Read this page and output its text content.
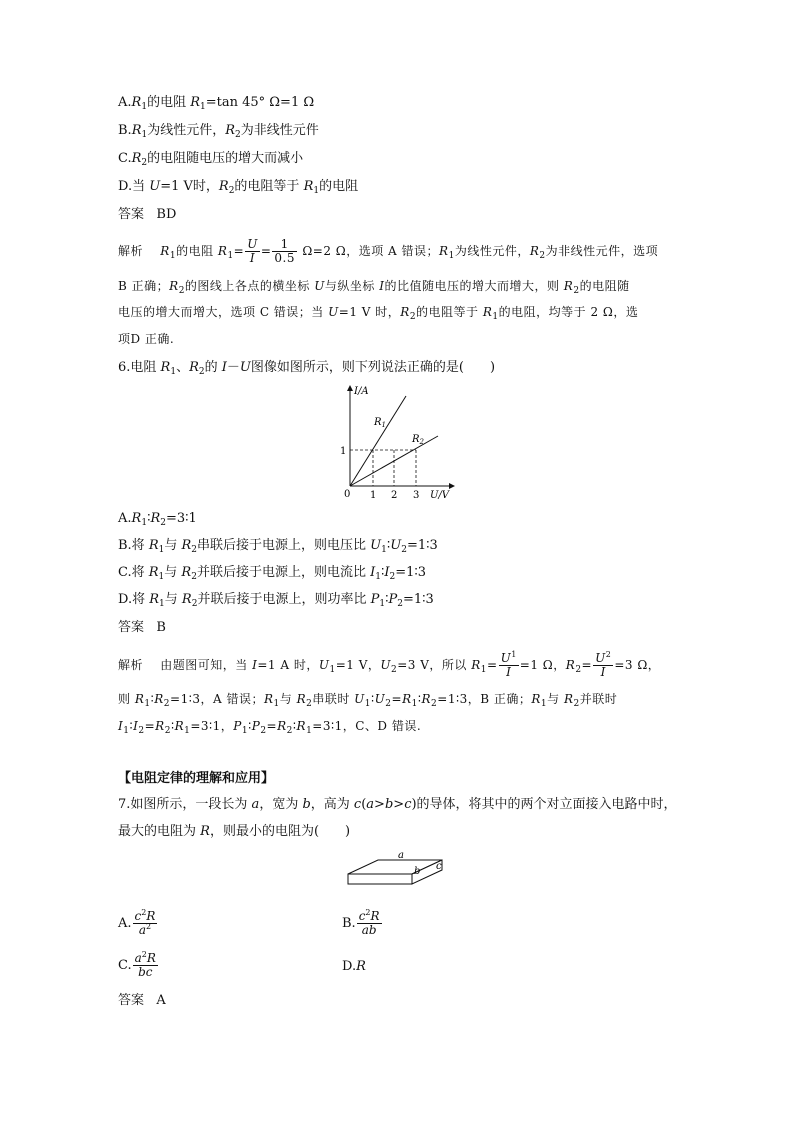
$A.R_1$的电阻 $R_1=\tan$ 45° Ω=1 Ω
$B.R_1$为线性元件，$R_2$为非线性元件
$C.R_2$的电阻随电压的增大而减小
D.当 U=1 V时，$R_2$的电阻等于 $R_1$的电阻
答案 BD
解析 $R_1$的电阻 $R_1= \frac{U}{I} = \frac{1}{0.5} \Omega=2$ Ω，选项 A 错误；$R_1$为线性元件，$R_2$为非线性元件，选项
B 正确；$R_2$的图线上各点的横坐标 U与纵坐标 I的比值随电压的增大而增大，则 $R_2$的电阻随
电压的增大而增大，选项 C 错误；当 U=1 V 时，$R_2$的电阻等于 $R_1$的电阻，均等于 2 Ω，选
项D 正确.
6.电阻 $R_1$、$R_2$的 I－U图像如图所示，则下列说法正确的是(　　)
I/A
U/V
0
1
1 2 3
$R_1$
$R_2$
$A.R_1∶R_2=3∶1$
B.将 $R_1$与 $R_2$串联后接于电源上，则电压比 $U_1∶U_2=1∶3$
C.将 $R_1$与 $R_2$并联后接于电源上，则电流比 $I_1∶I_2=1∶3$
D.将 $R_1$与 $R_2$并联后接于电源上，则功率比 $P_1∶P_2=1∶3$
答案 B
解析    由题图可知，当 I=1 A 时，$U_1=1$ V，$U_2=3$ V，所以 $R_1= \frac{U^1}{I} =1$ Ω，$R_2= \frac{U^2}{I} =3$ Ω，
则 $R_1∶R_2=1∶3$，A 错误；$R_1$与 $R_2$串联时 $U_1∶U_2=R_1∶R_2=1∶3$，B 正确；$R_1$与 $R_2$并联时
$I_1∶I_2=R_2∶R_1=3∶1$，$P_1∶P_2=R_2∶R_1=3∶1$，C、D 错误.
【电阻定律的理解和应用】
7.如图所示，一段长为 a，宽为 b，高为 c(a>b>c)的导体，将其中的两个对立面接入电路中时，
最大的电阻为 R，则最小的电阻为(　　)
a
b c
A. $\frac{c^2R}{a^2}$	B. $\frac{c^2R}{ab}$
C. $\frac{a^2R}{bc}$	D.R
答案 A
